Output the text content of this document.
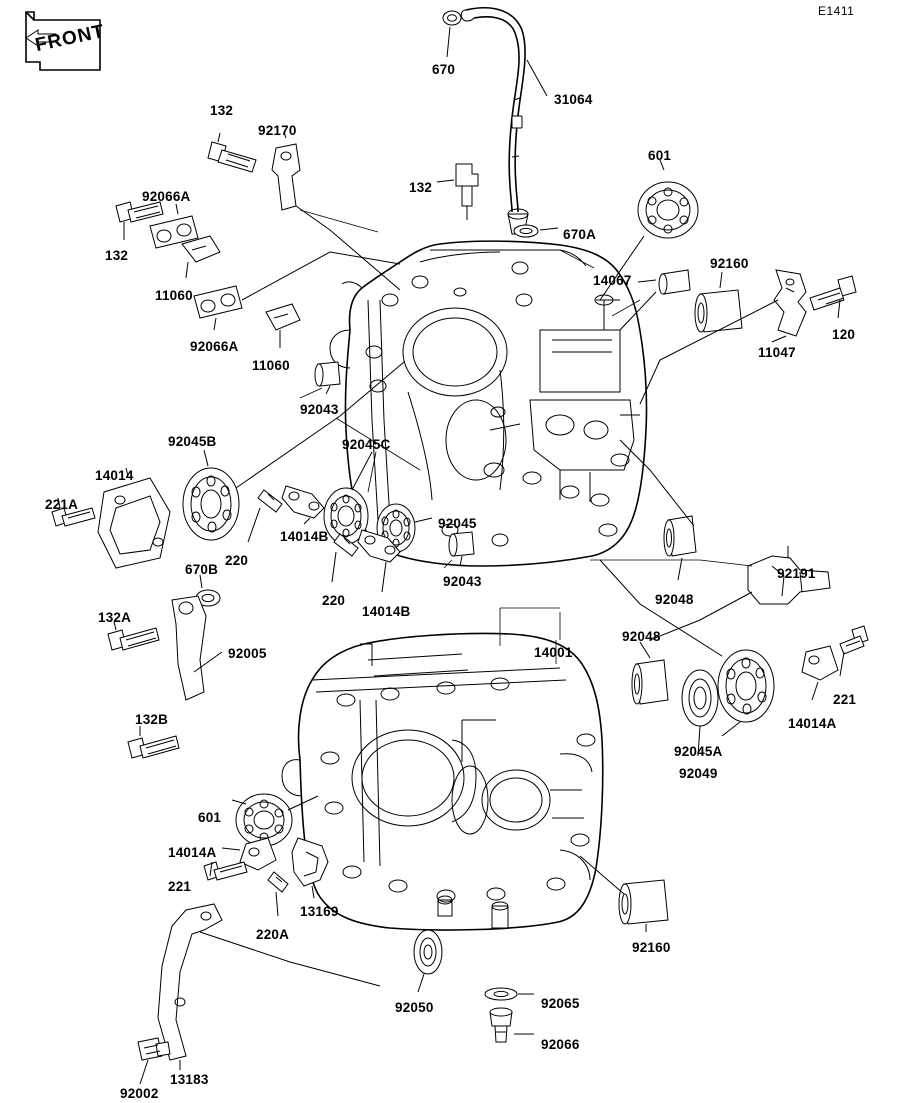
E1411
FRONT
670
31064
132
92170
601
132
92066A
670A
132
11060
14067
92160
120
11047
92066A
11060
92043
92045B	92045C
14014
221A
14014B
220
92045
92043
220
14014B
670B
132A
92005
92048
92191
14001
92048
221
14014A
92045A
92049
132B
601
14014A
221
13169
220A
92160
92050	92065
92066
13183
92002
